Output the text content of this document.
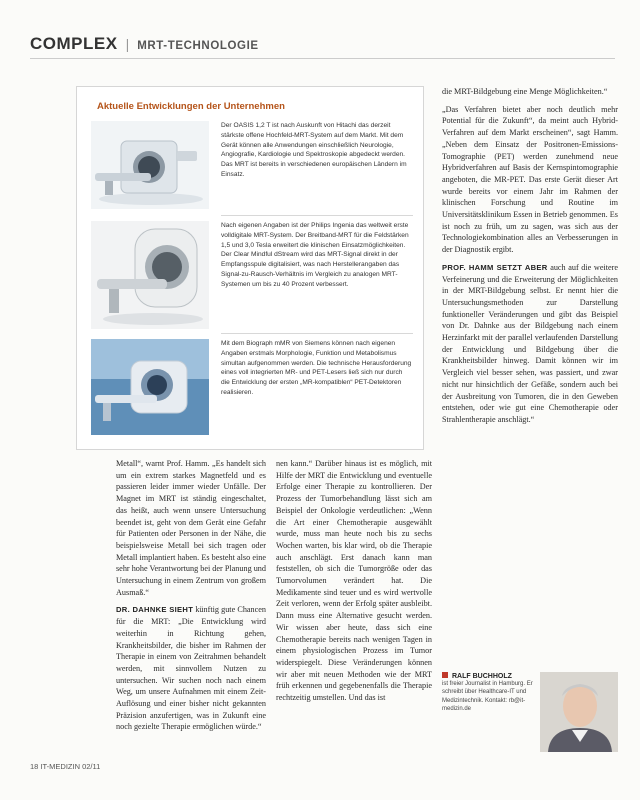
COMPLEX | MRT-TECHNOLOGIE
Aktuelle Entwicklungen der Unternehmen
Der OASIS 1,2 T ist nach Auskunft von Hitachi das derzeit stärkste offene Hochfeld-MRT-System auf dem Markt. Mit dem Gerät können alle Anwendungen einschließlich Neurologie, Angiografie, Kardiologie und Spektroskopie abgedeckt werden. Das MRT ist bereits in verschiedenen europäischen Ländern im Einsatz.
Nach eigenen Angaben ist der Philips Ingenia das weltweit erste volldigitale MRT-System. Der Breitband-MRT für die Feldstärken 1,5 und 3,0 Tesla erweitert die klinischen Einsatzmöglichkeiten. Der Clear Mindful dStream wird das MRT-Signal direkt in der Empfangsspule digitalisiert, was nach Herstellerangaben das Signal-zu-Rausch-Verhältnis im Vergleich zu analogen MRT-Systemen um bis zu 40 Prozent verbessert.
Mit dem Biograph mMR von Siemens können nach eigenen Angaben erstmals Morphologie, Funktion und Metabolismus simultan aufgenommen werden. Die technische Herausforderung eines voll integrierten MR- und PET-Lesers ließ sich nur durch die Entwicklung der ersten „MR-kompatiblen“ PET-Detektoren realisieren.

Metall“, warnt Prof. Hamm. „Es handelt sich um ein extrem starkes Magnetfeld und es passieren leider immer wieder Unfälle. Der Magnet im MRT ist ständig eingeschaltet, das heißt, auch wenn unsere Untersuchung beendet ist, geht von dem Gerät eine Gefahr für Patienten oder Personen in der Nähe, die beispielsweise Metall bei sich tragen oder Metall implantiert haben. Es besteht also eine sehr hohe Verantwortung bei der Planung und Untersuchung in einem Zentrum von großem Ausmaß.“

DR. DAHNKE SIEHT künftig gute Chancen für die MRT: „Die Entwicklung wird weiterhin in Richtung gehen, Krankheitsbilder, die bisher im Rahmen der Therapie in einem von Zeitrahmen behandelt werden, mit sinnvollem Nutzen zu untersuchen. Wir suchen noch nach einem Weg, um unsere Aufnahmen mit einem Zeit-Auflösung und einer bisher nicht gekannten Präzision anzufertigen, was in Zukunft eine noch gezielte Therapie ermöglichen würde.“

nen kann.“ Darüber hinaus ist es möglich, mit Hilfe der MRT die Entwicklung und eventuelle Erfolge einer Therapie zu kontrollieren. Der Prozess der Tumorbehandlung lässt sich am Beispiel der Onkologie verdeutlichen: „Wenn die Art einer Chemotherapie ausgewählt wurde, muss man heute noch bis zu sechs Wochen warten, bis klar wird, ob die Therapie auch anschlägt. Erst danach kann man feststellen, ob sich die Tumorgröße oder das Tumorvolumen verändert hat. Die Medikamente sind teuer und es wird wertvolle Zeit verloren, wenn der Erfolg später ausbleibt. Dann muss eine Alternative gesucht werden. Wir wissen aber heute, dass sich eine Chemotherapie bereits nach wenigen Tagen in einem physiologischen Prozess im Tumor widerspiegelt. Diese Veränderungen können wir aber mit neuen Methoden wie der MRT früh erkennen und gegebenenfalls die Therapie rechtzeitig umstellen. Und das ist

die MRT-Bildgebung eine Menge Möglichkeiten.“

„Das Verfahren bietet aber noch deutlich mehr Potential für die Zukunft“, da meint auch Hybrid-Verfahren auf dem Markt erscheinen“, sagt Hamm. „Neben dem Einsatz der Positronen-Emissions-Tomographie (PET) werden zunehmend neue Hybridverfahren auf Basis der Kernspintomographie angeboten, die MR-PET. Das erste Gerät dieser Art wurde bereits vor einem Jahr im Rahmen der klinischen Forschung und Routine im Universitätsklinikum Essen in Betrieb genommen. Es ist noch zu früh, um zu sagen, was sich aus der Technologiekombination alles an Verbesserungen in der Diagnostik ergibt.

PROF. HAMM SETZT ABER auch auf die weitere Verfeinerung und die Erweiterung der Möglichkeiten in der MRT-Bildgebung selbst. Er nennt hier die Untersuchungsmethoden zur Darstellung funktioneller Veränderungen und gibt das Beispiel von Dr. Dahnke aus der Bildgebung nach einem Herzinfarkt mit der parallel verlaufenden Darstellung der Entwicklung und Bildgebung über die Krankheitsbilder hinweg. Damit können wir im Vergleich viel besser sehen, was passiert, und zwar nicht nur hinsichtlich der Gefäße, sondern auch bei der Ausbreitung von Tumoren, die in den Geweben entstehen, oder wie gut eine Chemotherapie oder Strahlentherapie anschlägt.“

RALF BUCHHOLZ
ist freier Journalist in Hamburg. Er schreibt über Healthcare-IT und Medizintechnik. Kontakt: rb@it-medizin.de
18 IT-MEDIZIN 02/11
